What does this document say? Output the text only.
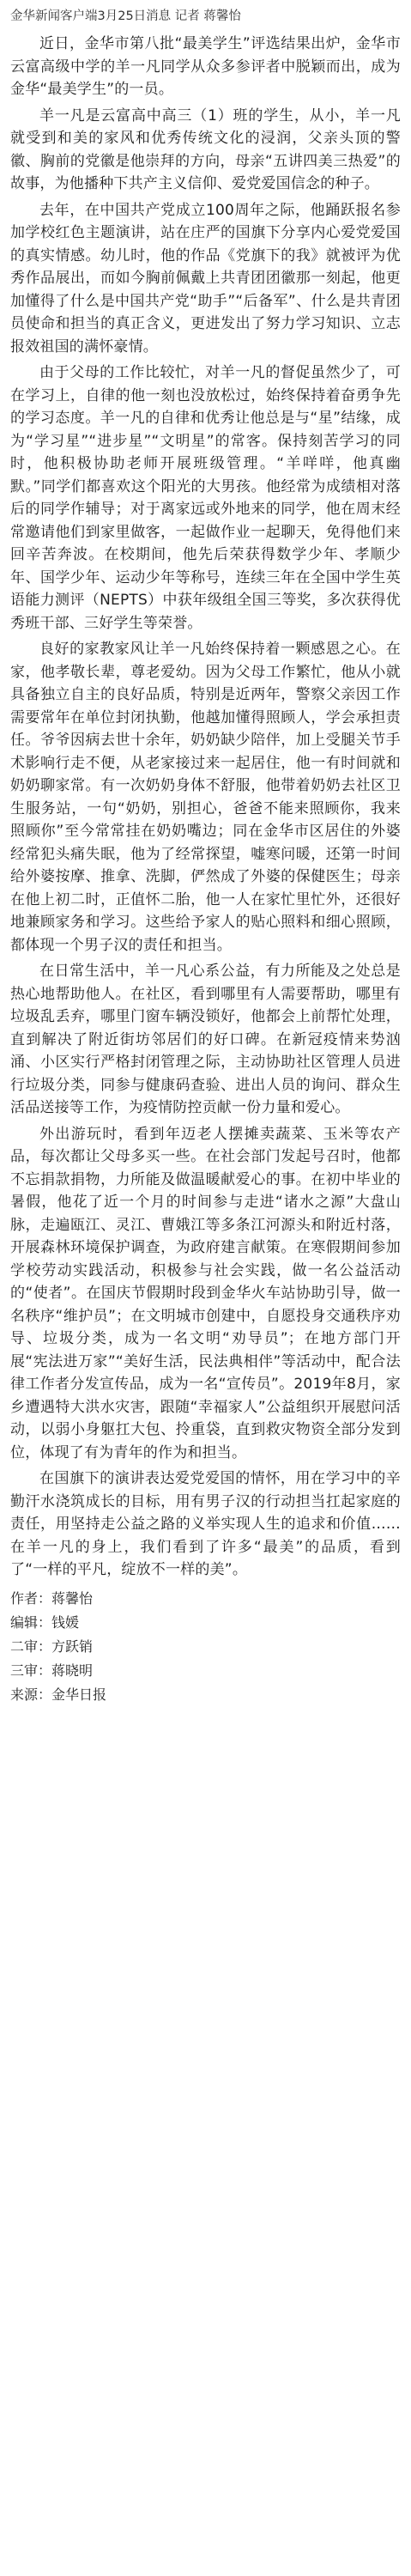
金华新闻客户端3月25日消息 记者 蒋馨怡

近日，金华市第八批“最美学生”评选结果出炉，金华市云富高级中学的羊一凡同学从众多参评者中脱颖而出，成为金华“最美学生”的一员。

羊一凡是云富高中高三（1）班的学生，从小，羊一凡就受到和美的家风和优秀传统文化的浸润，父亲头顶的警徽、胸前的党徽是他崇拜的方向，母亲“五讲四美三热爱”的故事，为他播种下共产主义信仰、爱党爱国信念的种子。

去年，在中国共产党成立100周年之际，他踊跃报名参加学校红色主题演讲，站在庄严的国旗下分享内心爱党爱国的真实情感。幼儿时，他的作品《党旗下的我》就被评为优秀作品展出，而如今胸前佩戴上共青团团徽那一刻起，他更加懂得了什么是中国共产党“助手”“后备军”、什么是共青团员使命和担当的真正含义，更进发出了努力学习知识、立志报效祖国的满怀豪情。

由于父母的工作比较忙，对羊一凡的督促虽然少了，可在学习上，自律的他一刻也没放松过，始终保持着奋勇争先的学习态度。羊一凡的自律和优秀让他总是与“星”结缘，成为“学习星”“进步星”“文明星”的常客。保持刻苦学习的同时，他积极协助老师开展班级管理。“羊咩咩，他真幽默。”同学们都喜欢这个阳光的大男孩。他经常为成绩相对落后的同学作辅导；对于离家远或外地来的同学，他在周末经常邀请他们到家里做客，一起做作业一起聊天，免得他们来回辛苦奔波。在校期间，他先后荣获得数学少年、孝顺少年、国学少年、运动少年等称号，连续三年在全国中学生英语能力测评（NEPTS）中获年级组全国三等奖，多次获得优秀班干部、三好学生等荣誉。

良好的家教家风让羊一凡始终保持着一颗感恩之心。在家，他孝敬长辈，尊老爱幼。因为父母工作繁忙，他从小就具备独立自主的良好品质，特别是近两年，警察父亲因工作需要常年在单位封闭执勤，他越加懂得照顾人，学会承担责任。爷爷因病去世十余年，奶奶缺少陪伴，加上受腿关节手术影响行走不便，从老家接过来一起居住，他一有时间就和奶奶聊家常。有一次奶奶身体不舒服，他带着奶奶去社区卫生服务站，一句“奶奶，别担心，爸爸不能来照顾你，我来照顾你”至今常常挂在奶奶嘴边；同在金华市区居住的外婆经常犯头痛失眠，他为了经常探望，嘘寒问暖，还第一时间给外婆按摩、推拿、洗脚，俨然成了外婆的保健医生；母亲在他上初二时，正值怀二胎，他一人在家忙里忙外，还很好地兼顾家务和学习。这些给予家人的贴心照料和细心照顾，都体现一个男子汉的责任和担当。

在日常生活中，羊一凡心系公益，有力所能及之处总是热心地帮助他人。在社区，看到哪里有人需要帮助，哪里有垃圾乱丢弃，哪里门窗车辆没锁好，他都会上前帮忙处理，直到解决了附近街坊邻居们的好口碑。在新冠疫情来势汹涌、小区实行严格封闭管理之际，主动协助社区管理人员进行垃圾分类，同参与健康码查验、进出人员的询问、群众生活品送接等工作，为疫情防控贡献一份力量和爱心。

外出游玩时，看到年迈老人摆摊卖蔬菜、玉米等农产品，每次都让父母多买一些。在社会部门发起号召时，他都不忘捐款捐物，力所能及做温暖献爱心的事。在初中毕业的暑假，他花了近一个月的时间参与走进“诸水之源”大盘山脉，走遍瓯江、灵江、曹娥江等多条江河源头和附近村落，开展森林环境保护调查，为政府建言献策。在寒假期间参加学校劳动实践活动，积极参与社会实践，做一名公益活动的“使者”。在国庆节假期时段到金华火车站协助引导，做一名秩序“维护员”；在文明城市创建中，自愿投身交通秩序劝导、垃圾分类，成为一名文明“劝导员”；在地方部门开展“宪法进万家”“美好生活，民法典相伴”等活动中，配合法律工作者分发宣传品，成为一名“宣传员”。2019年8月，家乡遭遇特大洪水灾害，跟随“幸福家人”公益组织开展慰问活动，以弱小身躯扛大包、拎重袋，直到救灾物资全部分发到位，体现了有为青年的作为和担当。

在国旗下的演讲表达爱党爱国的情怀，用在学习中的辛勤汗水浇筑成长的目标，用有男子汉的行动担当扛起家庭的责任，用坚持走公益之路的义举实现人生的追求和价值……在羊一凡的身上，我们看到了许多“最美”的品质，看到了“一样的平凡，绽放不一样的美”。

作者：蒋馨怡

编辑：钱媛

二审：方跃销

三审：蒋晓明

来源：金华日报
